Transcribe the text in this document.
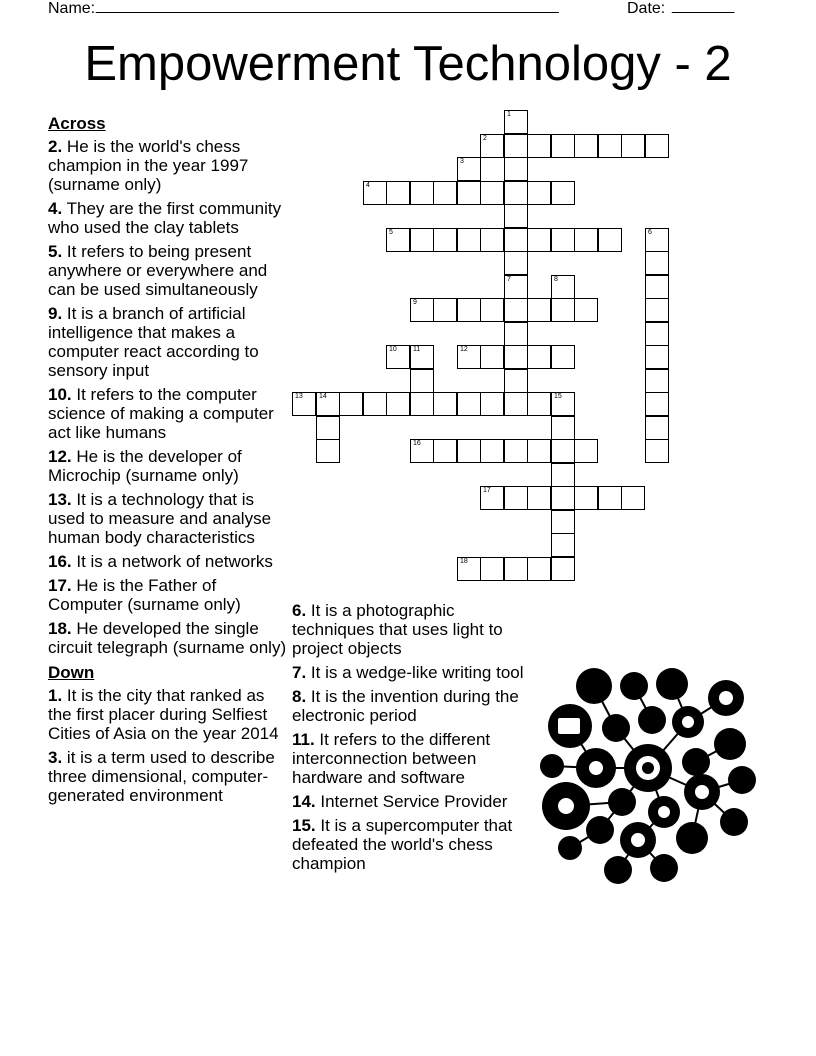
Name:
____________________________________________________	Date: _______
Empowerment Technology - 2
Across
2. He is the world's chess champion in the year 1997 (surname only)
4. They are the first community who used the clay tablets
5. It refers to being present anywhere or everywhere and can be used simultaneously
9. It is a branch of artificial intelligence that makes a computer react according to sensory input
10. It refers to the computer science of making a computer act like humans
12. He is the developer of Microchip (surname only)
13. It is a technology that is used to measure and analyse human body characteristics
16. It is a network of networks
17. He is the Father of Computer (surname only)
18. He developed the single circuit telegraph (surname only)
Down
1. It is the city that ranked as the first placer during Selfiest Cities of Asia on the year 2014
3. it is a term used to describe three dimensional, computer-generated environment
6. It is a photographic techniques that uses light to project objects
7. It is a wedge-like writing tool
8. It is the invention during the electronic period
11. It refers to the different interconnection between hardware and software
14. Internet Service Provider
15. It is a supercomputer that defeated the world's chess champion
2
4
5
9
10 11	12
13 14
16
17
18
1
7
3
6
8
15
